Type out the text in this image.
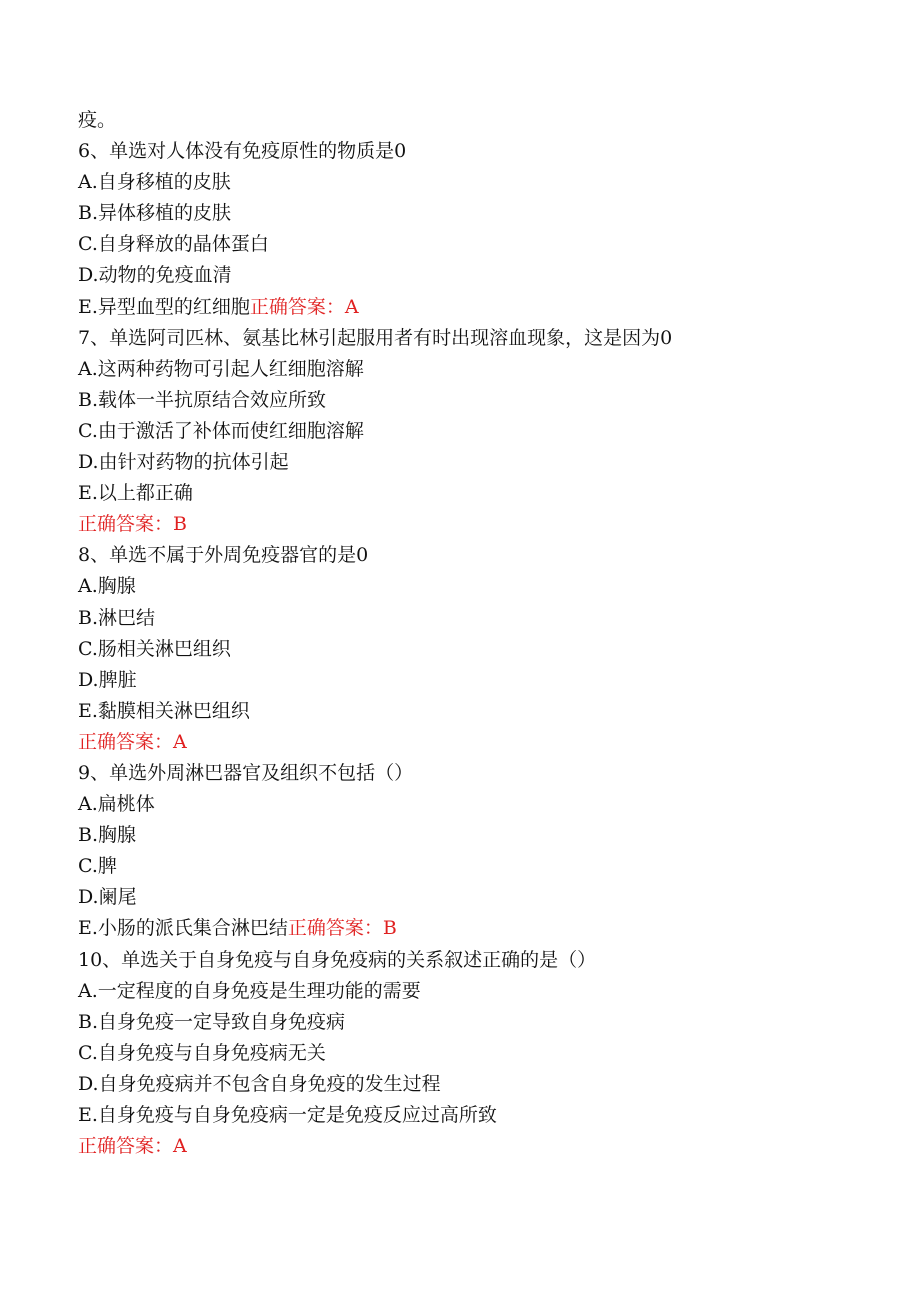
疫。
6、单选对人体没有免疫原性的物质是0
A.自身移植的皮肤
B.异体移植的皮肤
C.自身释放的晶体蛋白
D.动物的免疫血清
E.异型血型的红细胞正确答案：A
7、单选阿司匹林、氨基比林引起服用者有时出现溶血现象，这是因为0
A.这两种药物可引起人红细胞溶解
B.载体一半抗原结合效应所致
C.由于激活了补体而使红细胞溶解
D.由针对药物的抗体引起
E.以上都正确
正确答案：B
8、单选不属于外周免疫器官的是0
A.胸腺
B.淋巴结
C.肠相关淋巴组织
D.脾脏
E.黏膜相关淋巴组织
正确答案：A
9、单选外周淋巴器官及组织不包括（）
A.扁桃体
B.胸腺
C.脾
D.阑尾
E.小肠的派氏集合淋巴结正确答案：B
10、单选关于自身免疫与自身免疫病的关系叙述正确的是（）
A.一定程度的自身免疫是生理功能的需要
B.自身免疫一定导致自身免疫病
C.自身免疫与自身免疫病无关
D.自身免疫病并不包含自身免疫的发生过程
E.自身免疫与自身免疫病一定是免疫反应过高所致
正确答案：A
